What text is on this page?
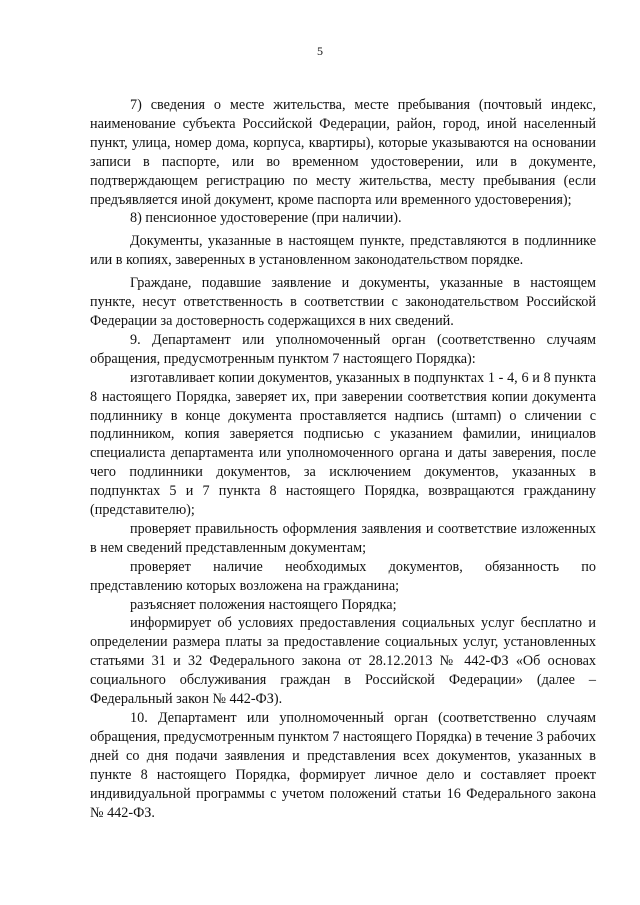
5

7) сведения о месте жительства, месте пребывания (почтовый индекс, наименование субъекта Российской Федерации, район, город, иной населенный пункт, улица, номер дома, корпуса, квартиры), которые указываются на основании записи в паспорте, или во временном удостоверении, или в документе, подтверждающем регистрацию по месту жительства, месту пребывания (если предъявляется иной документ, кроме паспорта или временного удостоверения);

8) пенсионное удостоверение (при наличии).

Документы, указанные в настоящем пункте, представляются в подлиннике или в копиях, заверенных в установленном законодательством порядке.

Граждане, подавшие заявление и документы, указанные в настоящем пункте, несут ответственность в соответствии с законодательством Российской Федерации за достоверность содержащихся в них сведений.

9. Департамент или уполномоченный орган (соответственно случаям обращения, предусмотренным пунктом 7 настоящего Порядка):

изготавливает копии документов, указанных в подпунктах 1 - 4, 6 и 8 пункта 8 настоящего Порядка, заверяет их, при заверении соответствия копии документа подлиннику в конце документа проставляется надпись (штамп) о сличении с подлинником, копия заверяется подписью с указанием фамилии, инициалов специалиста департамента или уполномоченного органа и даты заверения, после чего подлинники документов, за исключением документов, указанных в подпунктах 5 и 7 пункта 8 настоящего Порядка, возвращаются гражданину (представителю);

проверяет правильность оформления заявления и соответствие изложенных в нем сведений представленным документам;

проверяет наличие необходимых документов, обязанность по представлению которых возложена на гражданина;

разъясняет положения настоящего Порядка;

информирует об условиях предоставления социальных услуг бесплатно и определении размера платы за предоставление социальных услуг, установленных статьями 31 и 32 Федерального закона от 28.12.2013 № 442-ФЗ «Об основах социального обслуживания граждан в Российской Федерации» (далее – Федеральный закон № 442-ФЗ).

10. Департамент или уполномоченный орган (соответственно случаям обращения, предусмотренным пунктом 7 настоящего Порядка) в течение 3 рабочих дней со дня подачи заявления и представления всех документов, указанных в пункте 8 настоящего Порядка, формирует личное дело и составляет проект индивидуальной программы с учетом положений статьи 16 Федерального закона № 442-ФЗ.
